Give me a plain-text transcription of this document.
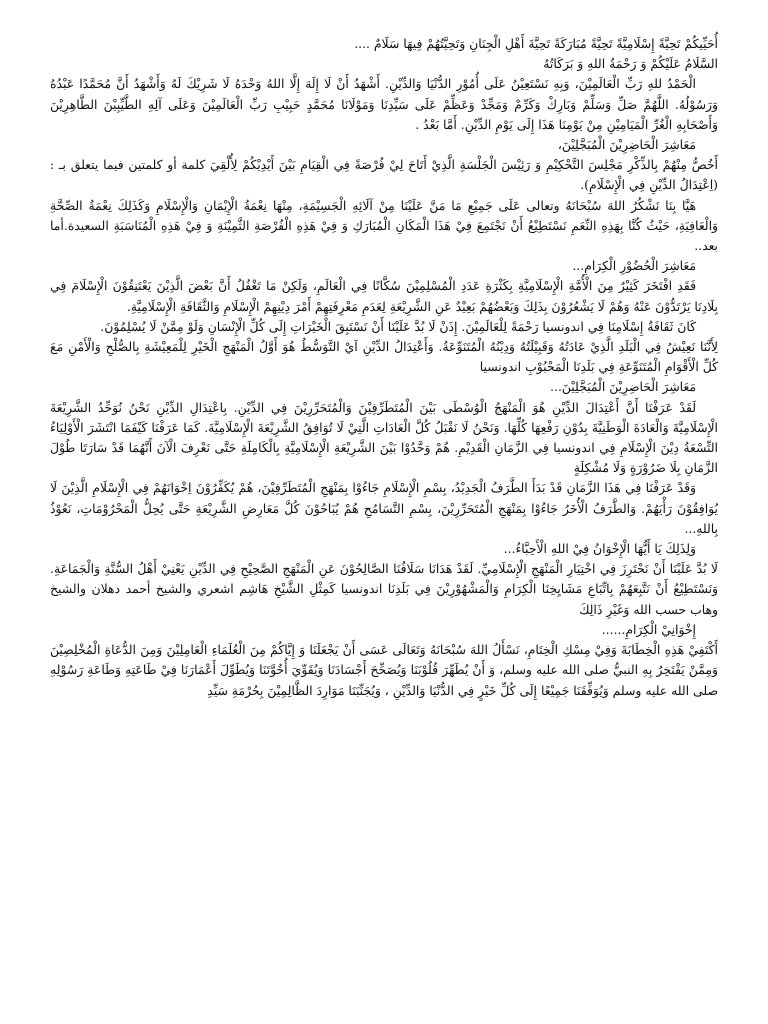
أُحَيِّيكُمْ تَحِيَّةً إِسْلَامِيَّةً تَحِيَّةً مُبَارَكَةً تَحِيَّةَ أَهْلِ الْجِنَانِ وَتَحِيَّتُهُمْ فِيهَا سَلَامٌ ....

السَّلَامُ عَلَيْكُمْ وَ رَحْمَةُ اللهِ وَ بَرَكَاتُهُ

الْحَمْدُ للهِ رَبِّ الْعَالَمِيْنَ، وَبِهِ نَسْتَعِيْنُ عَلَى أُمُوْرِ الدُّنْيَا وَالدِّيْنِ. أَشْهَدُ أَنْ لَا إِلَهَ إِلَّا اللهُ وَحْدَهُ لَا شَرِيْكَ لَهُ وَأَشْهَدُ أَنَّ مُحَمَّدًا عَبْدُهُ وَرَسُوْلُهُ. اللَّهُمَّ صَلِّ وَسَلِّمْ وَبَارِكْ وَكَرِّمْ وَمَجِّدْ وَعَظِّمْ عَلَى سَيِّدِنَا وَمَوْلَانَا مُحَمَّدٍ حَبِيْبِ رَبِّ الْعَالَمِيْنَ وَعَلَى آلِهِ الطَّيِّبِيْنَ الطَّاهِرِيْنَ وَأَصْحَابِهِ الْغُرِّ الْمَيَامِيْنِ مِنْ يَوْمِنَا هَذَا إِلَى يَوْمِ الدِّيْنِ. أَمَّا بَعْدُ .

مَعَاشِرَ الْحَاضِرِيْنَ الْمُبَجَّلِيْنَ،

أَخُصُّ مِنْهُمْ بِالذِّكْرِ مَجْلِسَ التَّحْكِيْمِ وَ رَئِيْسَ الْجَلْسَةِ الَّذِيْ أَتَاحَ لِيْ فُرْصَةً فِي الْقِيَامِ بَيْنَ أَيْدِيْكُمْ لِأُلْقِيَ كلمة أو كلمتين فيما يتعلق بـ : (اِعْتِدَالُ الدِّيْنِ فِي الْإِسْلَامِ).

هَيَّا بِنَا نَشْكُرُ اللهَ سُبْحَانَهُ وتعالى عَلَى جَمِيْعِ مَا مَنَّ عَلَيْنَا مِنْ آلَائِهِ الْجَسِيْمَةِ، مِنْهَا نِعْمَةُ الْإِيْمَانِ وَالْإِسْلَامِ وَكَذَلِكَ نِعْمَةُ الصِّحَّةِ وَالْعَافِيَةِ، حَيْثُ كُنَّا بِهَذِهِ النِّعَمِ نَسْتَطِيْعُ أَنْ نَجْتَمِعَ فِيْ هَذَا الْمَكَانِ الْمُبَارَكِ وَ فِيْ هَذِهِ الْفُرْصَةِ الثَّمِيْنَةِ وَ فِيْ هَذِهِ الْمُنَاسَبَةِ السعيدة.أما بعد..

مَعَاشِرَ الْحُضُوْرِ الْكِرَامِ...

فَقَدِ افْتَخَرَ كَثِيْرٌ مِنَ الْأُمَّةِ الْإِسْلَامِيَّةِ بِكَثْرَةِ عَدَدِ الْمُسْلِمِيْنَ سُكَّانًا فِي الْعَالَمِ، وَلَكِنْ مَا تَغْفُلُ أَنَّ بَعْضَ الَّذِيْنَ يَعْتَنِقُوْنَ الْإِسْلَامَ فِي بِلَادِنَا يَرْتَدُّوْنَ عَنْهُ وَهُمْ لَا يَشْعُرُوْنَ بِذَلِكَ وَبَعْضُهُمْ بَعِيْدٌ عَنِ الشَّرِيْعَةِ لِعَدَمِ مَعْرِفَتِهِمْ أَمْرَ دِيْنِهِمْ الْإِسْلَامِ وَالثَّقَافَةِ الْإِسْلَامِيَّةِ.

كَانَ ثَقَافَةُ إِسْلَامِنَا فِي اندونسيا رَحْمَةً لِلْعَالَمِيْنَ. إِذَنْ لَا بُدَّ عَلَيْنَا أَنْ نَسْتَبِقَ الْخَيْرَاتِ إِلَى كُلِّ الْإِنْسَانِ وَلَوْ مِمَّنْ لَا يُسْلِمُوْنَ.

لِأَنَّنَا نَعِيْشُ فِي الْبَلَدِ الَّذِيْ عَادَتُهُ وَقَبِيْلَتُهُ وَدِيْنُهُ الْمُتَنَوِّعَةُ. وَأَعْتِدَالُ الدِّيْنِ اَيْ التَّوَسُّطُ هُوَ أَوَّلُ الْمَنْهَجِ الْخَيْرِ لِلْمَعِيْشَةِ بِالصُّلْحِ وَالْأَمْنِ مَعَ كُلِّ الْأَقْوَامِ الْمُتَنَوِّعَةِ فِي بَلَدِنَا الْمَحْبُوْبِ اندونسيا

مَعَاشِرَ الْحَاضِرِيْنَ الْمُبَجَّلِيْنَ...

لَقَدْ عَرَفْنَا أَنَّ أَعْتِدَالَ الدِّيْنِ هُوَ الْمَنْهَجُ الْوُسْطَى بَيْنَ الْمُتَطَرِّفِيْنَ وَالْمُتَحَرِّرِيْنَ فِي الدِّيْنِ. بِاعْتِدَالِ الدِّيْنِ نَحْنُ نُوَحِّدُ الشَّرِيْعَةَ الْإِسْلَامِيَّةَ وَالْعَادَةَ الْوَطَنِيَّةَ بِدُوْنِ رَفْعِهَا كُلِّهَا. وَنَحْنُ لَا نَقْبَلُ كُلَّ الْعَادَاتِ الَّتِيْ لَا تُوَافِقُ الشَّرِيْعَةَ الْإِسْلَامِيَّةَ. كَمَا عَرَفْنَا كَيْفَمَا انْتَشَرَ الْأَوْلِيَاءُ التِّسْعَةُ دِيْنَ الْإِسْلَامِ فِي اندونسيا فِي الزَّمَانِ الْقَدِيْمِ. هُمْ وَحَّدُوْا بَيْنَ الشَّرِيْعَةِ الْإِسْلَامِيَّةِ بِالْكَامِلَةِ حَتَّى نَعْرِفَ الْآنَ أَنَّهُمَا قَدْ سَارَتَا طُوْلَ الزَّمَانِ بِلَا ضَرُوْرَةٍ وَلَا مُشْكِلَةٍ

وَقَدْ عَرَفْنَا فِي هَذَا الزَّمَانِ قَدْ بَدَأَ الطَّرَفُ الْجَدِيْدُ، بِسْمِ الْإِسْلَامِ جَاءُوْا بِمَنْهَجِ الْمُتَطَرِّفِيْنَ، هُمْ يُكَفِّرُوْنَ اِخْوَانَهُمْ فِي الْإِسْلَامِ الَّذِيْنَ لَا يُوَافِقُوْنَ رَأْيَهُمْ. وَالطَّرَفُ الْأُخَرُ جَاءُوْا بِمَنْهَجِ الْمُتَحَرِّرِيْنَ، بِسْمِ التَّسَامُحِ هُمْ يُبَاحُوْنَ كُلَّ مَعَارِضِ الشَّرِيْعَةِ حَتَّى يُحِلُّ الْمَحْرُوْمَاتِ، نَعُوْذُ بِاللهِ...

وَلِذَلِكَ يَا أَيُّهَا الْإِخْوَانُ فِيْ اللهِ الْأَحِبَّاءُ...

لَا بُدَّ عَلَيْنَا أَنْ نَحْتَرِزَ فِي اخْتِيَارِ الْمَنْهَجِ الْإِسْلَامِيِّ. لَقَدْ هَدَانَا سَلَافُنَا الصَّالِحُوْنَ عَنِ الْمَنْهَجِ الصَّحِيْحِ فِي الدِّيْنِ يَعْنِيْ أَهْلُ السُّنَّةِ وَالْجَمَاعَةِ. وَنَسْتَطِيْعُ أَنْ نَتَّبِعَهُمْ بِاتِّبَاعِ مَشَايِخِنَا الْكِرَامِ وَالْمَشْهُوْرِيْنَ فِي بَلَدِنَا اندونسيا كَمِثْلِ الشَّيْخِ هَاشِم اشعري والشيخ أحمد دهلان والشيخ وهاب حسب الله وَغَيْرِ ذَالِكَ

إِخْوَانِيْ الْكِرَامِ......

أَكْتَفِيْ هَذِهِ الْخِطَابَةَ وَفِيْ مِسْكِ الْخِتَامِ، نَسْأَلُ اللهَ سُبْحَانَهُ وَتَعَالَى عَسَى أَنْ يَجْعَلَنَا وَ إِيَّاكُمْ مِنَ الْعُلَمَاءِ الْعَامِلِيْنَ وَمِنَ الدُّعَاةِ الْمُخْلِصِيْنَ وَمِمَّنْ يَفْتَخِرُ بِهِ النبيُّ صلى الله عليه وسلم، وَ أَنْ يُطَهِّرَ قُلُوْبَنَا وَيُصَحِّحَ أَجْسَادَنَا وَيُقَوِّيَ أُخُوَّتَنَا وَيُطَوِّلَ أَعْمَارَنَا فِيْ طَاعَتِهِ وَطَاعَةِ رَسُوْلِهِ صلى الله عليه وسلم وَيُوَفِّقَنَا جَمِيْعًا إِلَى كُلِّ خَيْرٍ فِي الدُّنْيَا وَالدِّيْنِ ، وَيُجَنِّبَنَا مَوَارِدَ الظَّالِمِيْنَ بِحُرْمَةِ سَيِّدِ
